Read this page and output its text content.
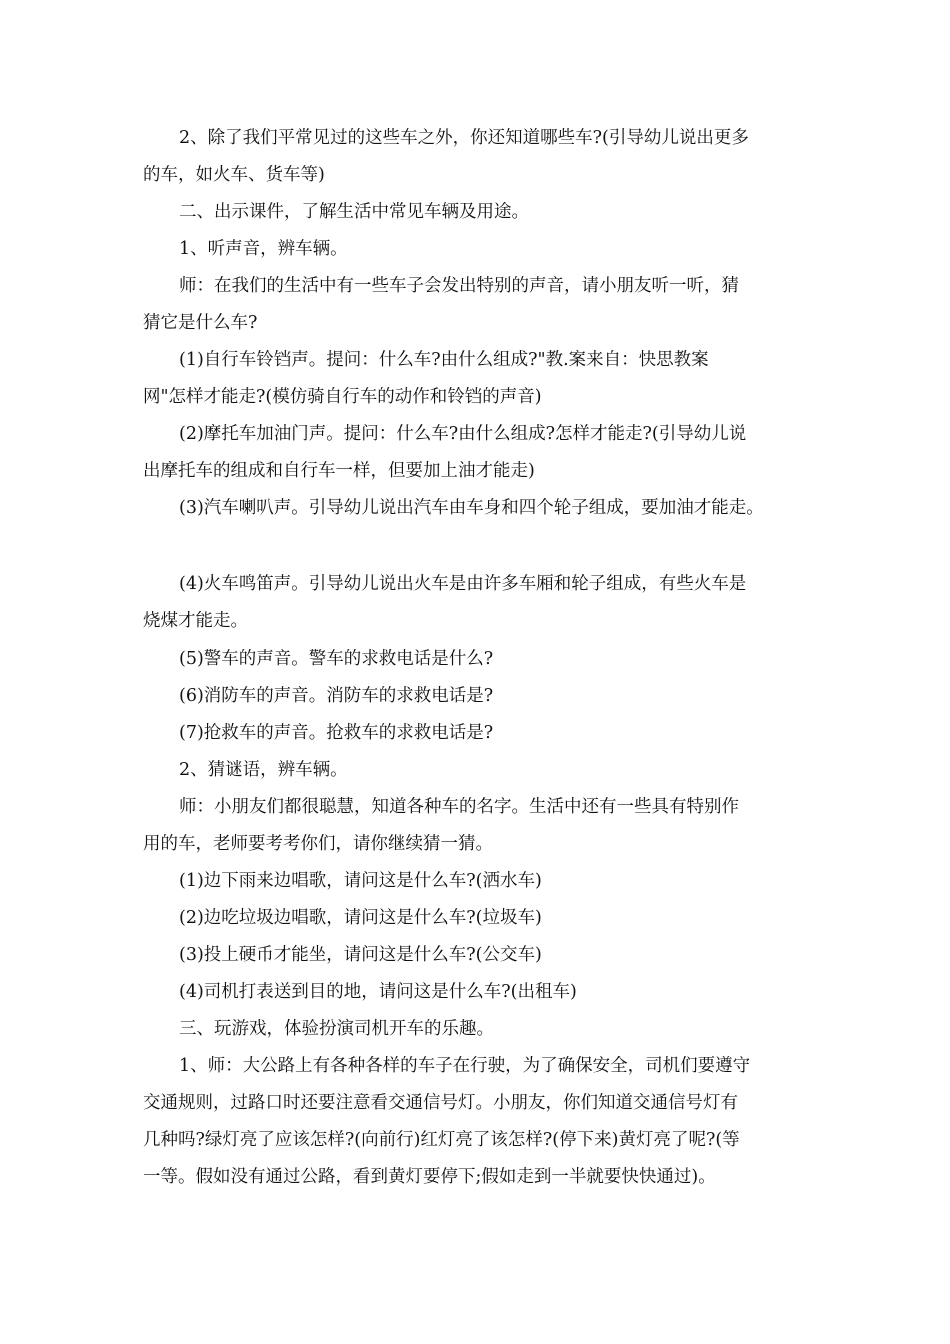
2、除了我们平常见过的这些车之外，你还知道哪些车?(引导幼儿说出更多
的车，如火车、货车等)

二、出示课件，了解生活中常见车辆及用途。

1、听声音，辨车辆。

师：在我们的生活中有一些车子会发出特别的声音，请小朋友听一听，猜
猜它是什么车?

(1)自行车铃铛声。提问：什么车?由什么组成?"教.案来自：快思教案
网"怎样才能走?(模仿骑自行车的动作和铃铛的声音)

(2)摩托车加油门声。提问：什么车?由什么组成?怎样才能走?(引导幼儿说
出摩托车的组成和自行车一样，但要加上油才能走)

(3)汽车喇叭声。引导幼儿说出汽车由车身和四个轮子组成，要加油才能走。

(4)火车鸣笛声。引导幼儿说出火车是由许多车厢和轮子组成，有些火车是
烧煤才能走。

(5)警车的声音。警车的求救电话是什么?

(6)消防车的声音。消防车的求救电话是?

(7)抢救车的声音。抢救车的求救电话是?

2、猜谜语，辨车辆。

师：小朋友们都很聪慧，知道各种车的名字。生活中还有一些具有特别作
用的车，老师要考考你们，请你继续猜一猜。

(1)边下雨来边唱歌，请问这是什么车?(洒水车)

(2)边吃垃圾边唱歌，请问这是什么车?(垃圾车)

(3)投上硬币才能坐，请问这是什么车?(公交车)

(4)司机打表送到目的地，请问这是什么车?(出租车)

三、玩游戏，体验扮演司机开车的乐趣。

1、师：大公路上有各种各样的车子在行驶，为了确保安全，司机们要遵守
交通规则，过路口时还要注意看交通信号灯。小朋友，你们知道交通信号灯有
几种吗?绿灯亮了应该怎样?(向前行)红灯亮了该怎样?(停下来)黄灯亮了呢?(等
一等。假如没有通过公路，看到黄灯要停下;假如走到一半就要快快通过)。
